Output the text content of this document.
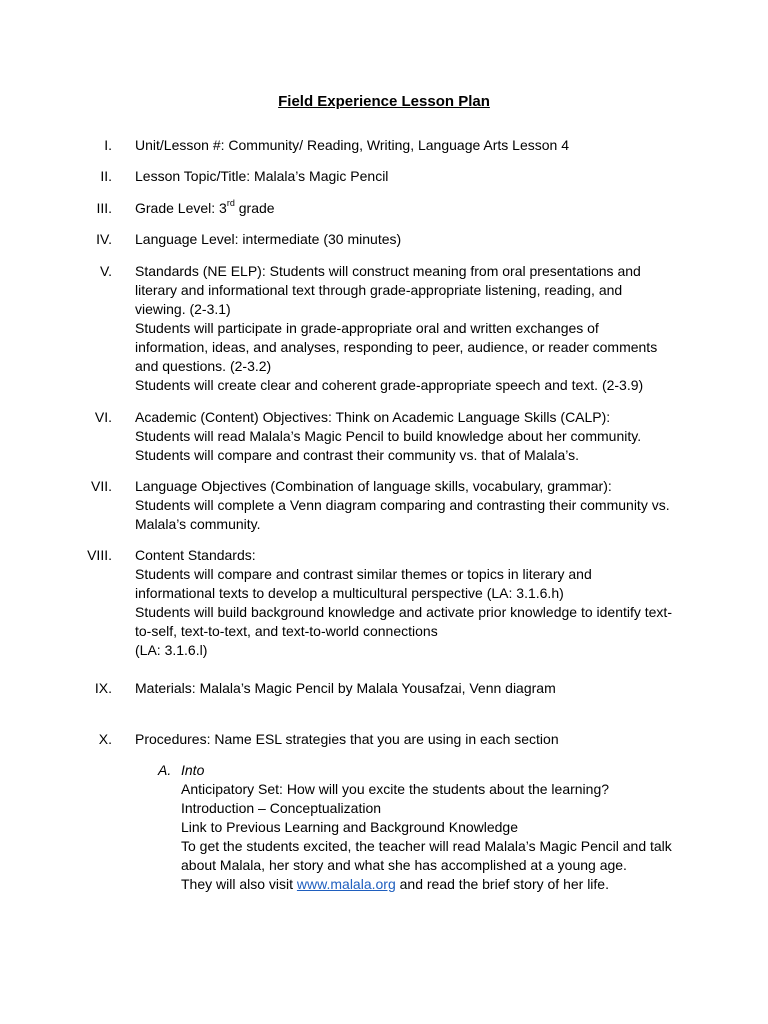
Field Experience Lesson Plan
I. Unit/Lesson #: Community/ Reading, Writing, Language Arts Lesson 4
II. Lesson Topic/Title: Malala’s Magic Pencil
III. Grade Level: 3rd grade
IV. Language Level: intermediate (30 minutes)
V. Standards (NE ELP): Students will construct meaning from oral presentations and
literary and informational text through grade-appropriate listening, reading, and
viewing. (2-3.1)
Students will participate in grade-appropriate oral and written exchanges of
information, ideas, and analyses, responding to peer, audience, or reader comments
and questions. (2-3.2)
Students will create clear and coherent grade-appropriate speech and text. (2-3.9)
VI. Academic (Content) Objectives: Think on Academic Language Skills (CALP):
Students will read Malala’s Magic Pencil to build knowledge about her community.
Students will compare and contrast their community vs. that of Malala’s.
VII. Language Objectives (Combination of language skills, vocabulary, grammar):
Students will complete a Venn diagram comparing and contrasting their community vs.
Malala’s community.
VIII. Content Standards:
Students will compare and contrast similar themes or topics in literary and
informational texts to develop a multicultural perspective (LA: 3.1.6.h)
Students will build background knowledge and activate prior knowledge to identify text-
to-self, text-to-text, and text-to-world connections
(LA: 3.1.6.l)
IX. Materials: Malala’s Magic Pencil by Malala Yousafzai, Venn diagram
X. Procedures: Name ESL strategies that you are using in each section
A. Into
Anticipatory Set: How will you excite the students about the learning?
Introduction – Conceptualization
Link to Previous Learning and Background Knowledge
To get the students excited, the teacher will read Malala’s Magic Pencil and talk
about Malala, her story and what she has accomplished at a young age.
They will also visit www.malala.org and read the brief story of her life.
